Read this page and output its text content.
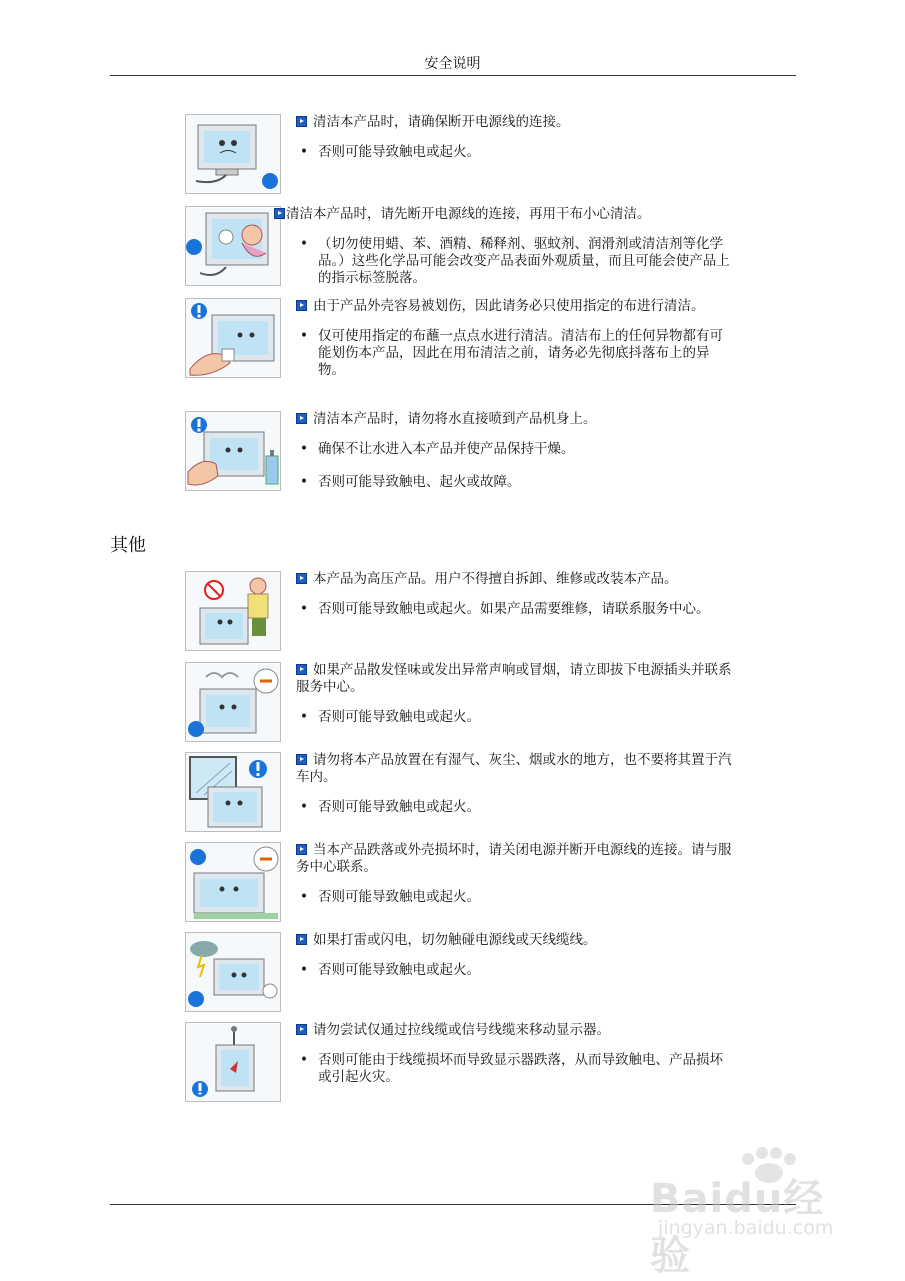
安全说明

清洁本产品时，请确保断开电源线的连接。

• 否则可能导致触电或起火。

清洁本产品时，请先断开电源线的连接，再用干布小心清洁。

• （切勿使用蜡、苯、酒精、稀释剂、驱蚊剂、润滑剂或清洁剂等化学品。）这些化学品可能会改变产品表面外观质量，而且可能会使产品上的指示标签脱落。

由于产品外壳容易被划伤，因此请务必只使用指定的布进行清洁。

• 仅可使用指定的布蘸一点点水进行清洁。清洁布上的任何异物都有可能划伤本产品，因此在用布清洁之前，请务必先彻底抖落布上的异物。

清洁本产品时，请勿将水直接喷到产品机身上。

• 确保不让水进入本产品并使产品保持干燥。
• 否则可能导致触电、起火或故障。
其他

本产品为高压产品。用户不得擅自拆卸、维修或改装本产品。

• 否则可能导致触电或起火。如果产品需要维修，请联系服务中心。

如果产品散发怪味或发出异常声响或冒烟，请立即拔下电源插头并联系服务中心。

• 否则可能导致触电或起火。

请勿将本产品放置在有湿气、灰尘、烟或水的地方，也不要将其置于汽车内。

• 否则可能导致触电或起火。

当本产品跌落或外壳损坏时，请关闭电源并断开电源线的连接。请与服务中心联系。

• 否则可能导致触电或起火。

如果打雷或闪电，切勿触碰电源线或天线缆线。

• 否则可能导致触电或起火。

请勿尝试仅通过拉线缆或信号线缆来移动显示器。

• 否则可能由于线缆损坏而导致显示器跌落，从而导致触电、产品损坏或引起火灾。
Baidu经验
jingyan.baidu.com
